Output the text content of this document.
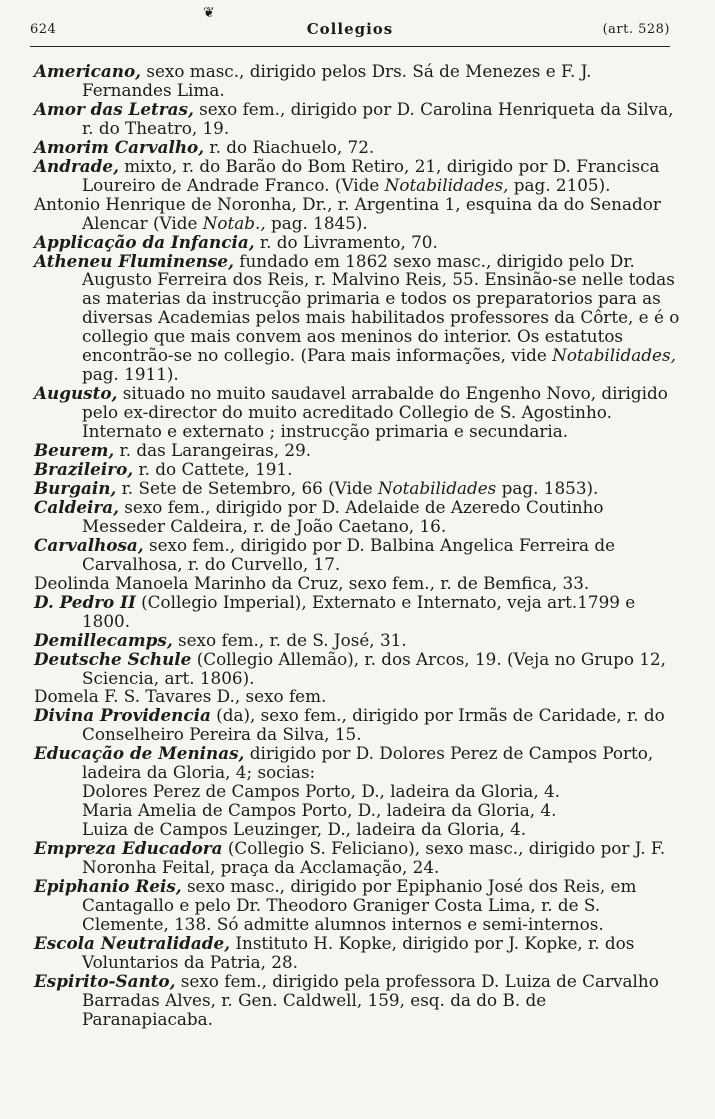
❦
624	Collegios	(art. 528)

Americano, sexo masc., dirigido pelos Drs. Sá de Menezes e F. J. Fernandes Lima.

Amor das Letras, sexo fem., dirigido por D. Carolina Henriqueta da Silva, r. do Theatro, 19.

Amorim Carvalho, r. do Riachuelo, 72.

Andrade, mixto, r. do Barão do Bom Retiro, 21, dirigido por D. Francisca Loureiro de Andrade Franco. (Vide Notabilidades, pag. 2105).

Antonio Henrique de Noronha, Dr., r. Argentina 1, esquina da do Senador Alencar (Vide Notab., pag. 1845).

Applicação da Infancia, r. do Livramento, 70.

Atheneu Fluminense, fundado em 1862 sexo masc., dirigido pelo Dr. Augusto Ferreira dos Reis, r. Malvino Reis, 55. Ensinão-se nelle todas as materias da instrucção primaria e todos os preparatorios para as diversas Academias pelos mais habilitados professores da Côrte, e é o collegio que mais convem aos meninos do interior. Os estatutos encontrão-se no collegio. (Para mais informações, vide Notabilidades, pag. 1911).

Augusto, situado no muito saudavel arrabalde do Engenho Novo, dirigido pelo ex-director do muito acreditado Collegio de S. Agostinho. Internato e externato ; instrucção primaria e secundaria.

Beurem, r. das Larangeiras, 29.

Brazileiro, r. do Cattete, 191.

Burgain, r. Sete de Setembro, 66 (Vide Notabilidades pag. 1853).

Caldeira, sexo fem., dirigido por D. Adelaide de Azeredo Coutinho Messeder Caldeira, r. de João Caetano, 16.

Carvalhosa, sexo fem., dirigido por D. Balbina Angelica Ferreira de Carvalhosa, r. do Curvello, 17.

Deolinda Manoela Marinho da Cruz, sexo fem., r. de Bemfica, 33.

D. Pedro II (Collegio Imperial), Externato e Internato, veja art.1799 e 1800.

Demillecamps, sexo fem., r. de S. José, 31.

Deutsche Schule (Collegio Allemão), r. dos Arcos, 19. (Veja no Grupo 12, Sciencia, art. 1806).

Domela F. S. Tavares D., sexo fem.

Divina Providencia (da), sexo fem., dirigido por Irmãs de Caridade, r. do Conselheiro Pereira da Silva, 15.

Educação de Meninas, dirigido por D. Dolores Perez de Campos Porto, ladeira da Gloria, 4; socias:

Dolores Perez de Campos Porto, D., ladeira da Gloria, 4.

Maria Amelia de Campos Porto, D., ladeira da Gloria, 4.

Luiza de Campos Leuzinger, D., ladeira da Gloria, 4.

Empreza Educadora (Collegio S. Feliciano), sexo masc., dirigido por J. F. Noronha Feital, praça da Acclamação, 24.

Epiphanio Reis, sexo masc., dirigido por Epiphanio José dos Reis, em Cantagallo e pelo Dr. Theodoro Graniger Costa Lima, r. de S. Clemente, 138. Só admitte alumnos internos e semi-internos.

Escola Neutralidade, Instituto H. Kopke, dirigido por J. Kopke, r. dos Voluntarios da Patria, 28.

Espirito-Santo, sexo fem., dirigido pela professora D. Luiza de Carvalho Barradas Alves, r. Gen. Caldwell, 159, esq. da do B. de Paranapiacaba.
